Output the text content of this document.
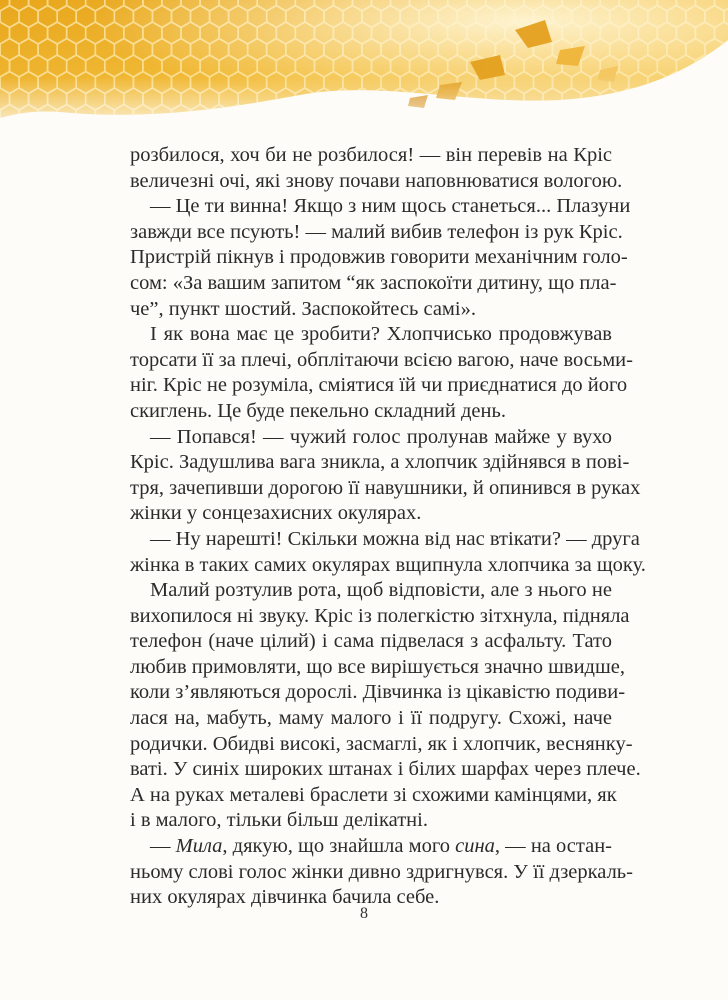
розбилося, хоч би не розбилося! — він перевів на Кріс
величезні очі, які знову почави наповнюватися вологою.
— Це ти винна! Якщо з ним щось станеться... Плазуни
завжди все псують! — малий вибив телефон із рук Кріс.
Пристрій пікнув і продовжив говорити механічним голо-
сом: «За вашим запитом “як заспокоїти дитину, що пла-
че”, пункт шостий. Заспокойтесь самі».
І як вона має це зробити? Хлопчисько продовжував
торсати її за плечі, обплітаючи всією вагою, наче восьми-
ніг. Кріс не розуміла, сміятися їй чи приєднатися до його
скиглень. Це буде пекельно складний день.
— Попався! — чужий голос пролунав майже у вухо
Кріс. Задушлива вага зникла, а хлопчик здійнявся в пові-
тря, зачепивши дорогою її навушники, й опинився в руках
жінки у сонцезахисних окулярах.
— Ну нарешті! Скільки можна від нас втікати? — друга
жінка в таких самих окулярах вщипнула хлопчика за щоку.
Малий розтулив рота, щоб відповісти, але з нього не
вихопилося ні звуку. Кріс із полегкістю зітхнула, підняла
телефон (наче цілий) і сама підвелася з асфальту. Тато
любив примовляти, що все вирішується значно швидше,
коли з’являються дорослі. Дівчинка із цікавістю подиви-
лася на, мабуть, маму малого і її подругу. Схожі, наче
родички. Обидві високі, засмаглі, як і хлопчик, веснянку-
ваті. У синіх широких штанах і білих шарфах через плече.
А на руках металеві браслети зі схожими камінцями, як
і в малого, тільки більш делікатні.
— Мила, дякую, що знайшла мого сина, — на остан-
ньому слові голос жінки дивно здригнувся. У її дзеркаль-
них окулярах дівчинка бачила себе.
8
